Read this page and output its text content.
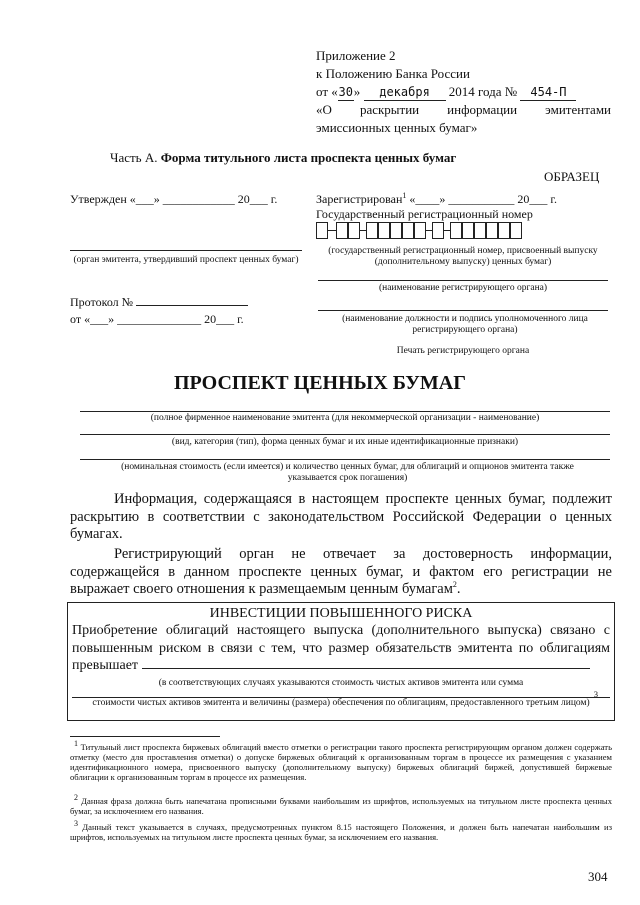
Приложение 2
к Положению Банка России
от «30» декабря 2014 года № 454-П
«О раскрытии информации эмитентами
эмиссионных ценных бумаг»
Часть А. Форма титульного листа проспекта ценных бумаг
ОБРАЗЕЦ
Утвержден «___» ____________ 20___ г.
(орган эмитента, утвердивший проспект ценных бумаг)
Протокол №
от «___» ______________ 20___ г.
Зарегистрирован$^1$ «____» ___________ 20___ г.
Государственный регистрационный номер
(государственный регистрационный номер, присвоенный выпуску (дополнительному выпуску) ценных бумаг)
(наименование регистрирующего органа)
(наименование должности и подпись уполномоченного лица регистрирующего органа)
Печать регистрирующего органа
ПРОСПЕКТ ЦЕННЫХ БУМАГ
(полное фирменное наименование эмитента (для некоммерческой организации - наименование)
(вид, категория (тип), форма ценных бумаг и их иные идентификационные признаки)
(номинальная стоимость (если имеется) и количество ценных бумаг, для облигаций и опционов эмитента также указывается срок погашения)
Информация, содержащаяся в настоящем проспекте ценных бумаг, подлежит раскрытию в соответствии с законодательством Российской Федерации о ценных бумагах.
Регистрирующий орган не отвечает за достоверность информации, содержащейся в данном проспекте ценных бумаг, и фактом его регистрации не выражает своего отношения к размещаемым ценным бумагам$^2$.
ИНВЕСТИЦИИ ПОВЫШЕННОГО РИСКА
Приобретение облигаций настоящего выпуска (дополнительного выпуска) связано с повышенным риском в связи с тем, что размер обязательств эмитента по облигациям превышает
(в соответствующих случаях указываются стоимость чистых активов эмитента или сумма
3
стоимости чистых активов эмитента и величины (размера) обеспечения по облигациям, предоставленного третьим лицом)
$^1$ Титульный лист проспекта биржевых облигаций вместо отметки о регистрации такого проспекта регистрирующим органом должен содержать отметку (место для проставления отметки) о допуске биржевых облигаций к организованным торгам в процессе их размещения с указанием идентификационного номера, присвоенного выпуску (дополнительному выпуску) биржевых облигаций биржей, допустившей биржевые облигации к организованным торгам в процессе их размещения.
$^2$ Данная фраза должна быть напечатана прописными буквами наибольшим из шрифтов, используемых на титульном листе проспекта ценных бумаг, за исключением его названия.
$^3$ Данный текст указывается в случаях, предусмотренных пунктом 8.15 настоящего Положения, и должен быть напечатан наибольшим из шрифтов, используемых на титульном листе проспекта ценных бумаг, за исключением его названия.
304
